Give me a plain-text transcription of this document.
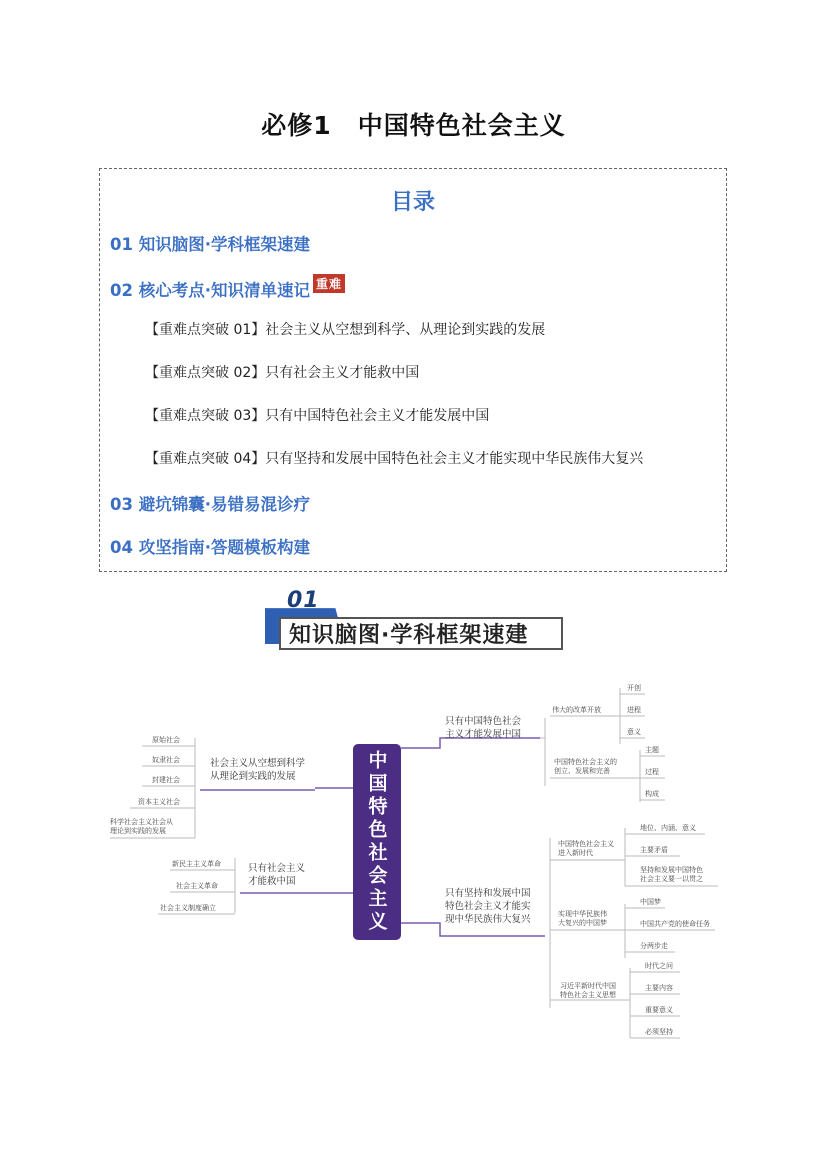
必修1　中国特色社会主义
目录
01 知识脑图·学科框架速建
02 核心考点·知识清单速记 重难
【重难点突破 01】社会主义从空想到科学、从理论到实践的发展
【重难点突破 02】只有社会主义才能救中国
【重难点突破 03】只有中国特色社会主义才能发展中国
【重难点突破 04】只有坚持和发展中国特色社会主义才能实现中华民族伟大复兴
03 避坑锦囊·易错易混诊疗
04 攻坚指南·答题模板构建
01
知识脑图·学科框架速建
中国特色社会主义
社会主义从空想到科学
从理论到实践的发展
原始社会
奴隶社会
封建社会
资本主义社会
科学社会主义社会从
理论到实践的发展
只有社会主义
才能救中国
新民主主义革命
社会主义革命
社会主义制度确立
只有中国特色社会
主义才能发展中国
伟大的改革开放
开创
进程
意义
中国特色社会主义的
创立、发展和完善
主题
过程
构成
只有坚持和发展中国
特色社会主义才能实
现中华民族伟大复兴
中国特色社会主义
进入新时代
地位、内涵、意义
主要矛盾
坚持和发展中国特色
社会主义要一以贯之
实现中华民族伟
大复兴的中国梦
中国梦
中国共产党的使命任务
分两步走
习近平新时代中国
特色社会主义思想
时代之问
主要内容
重要意义
必须坚持
